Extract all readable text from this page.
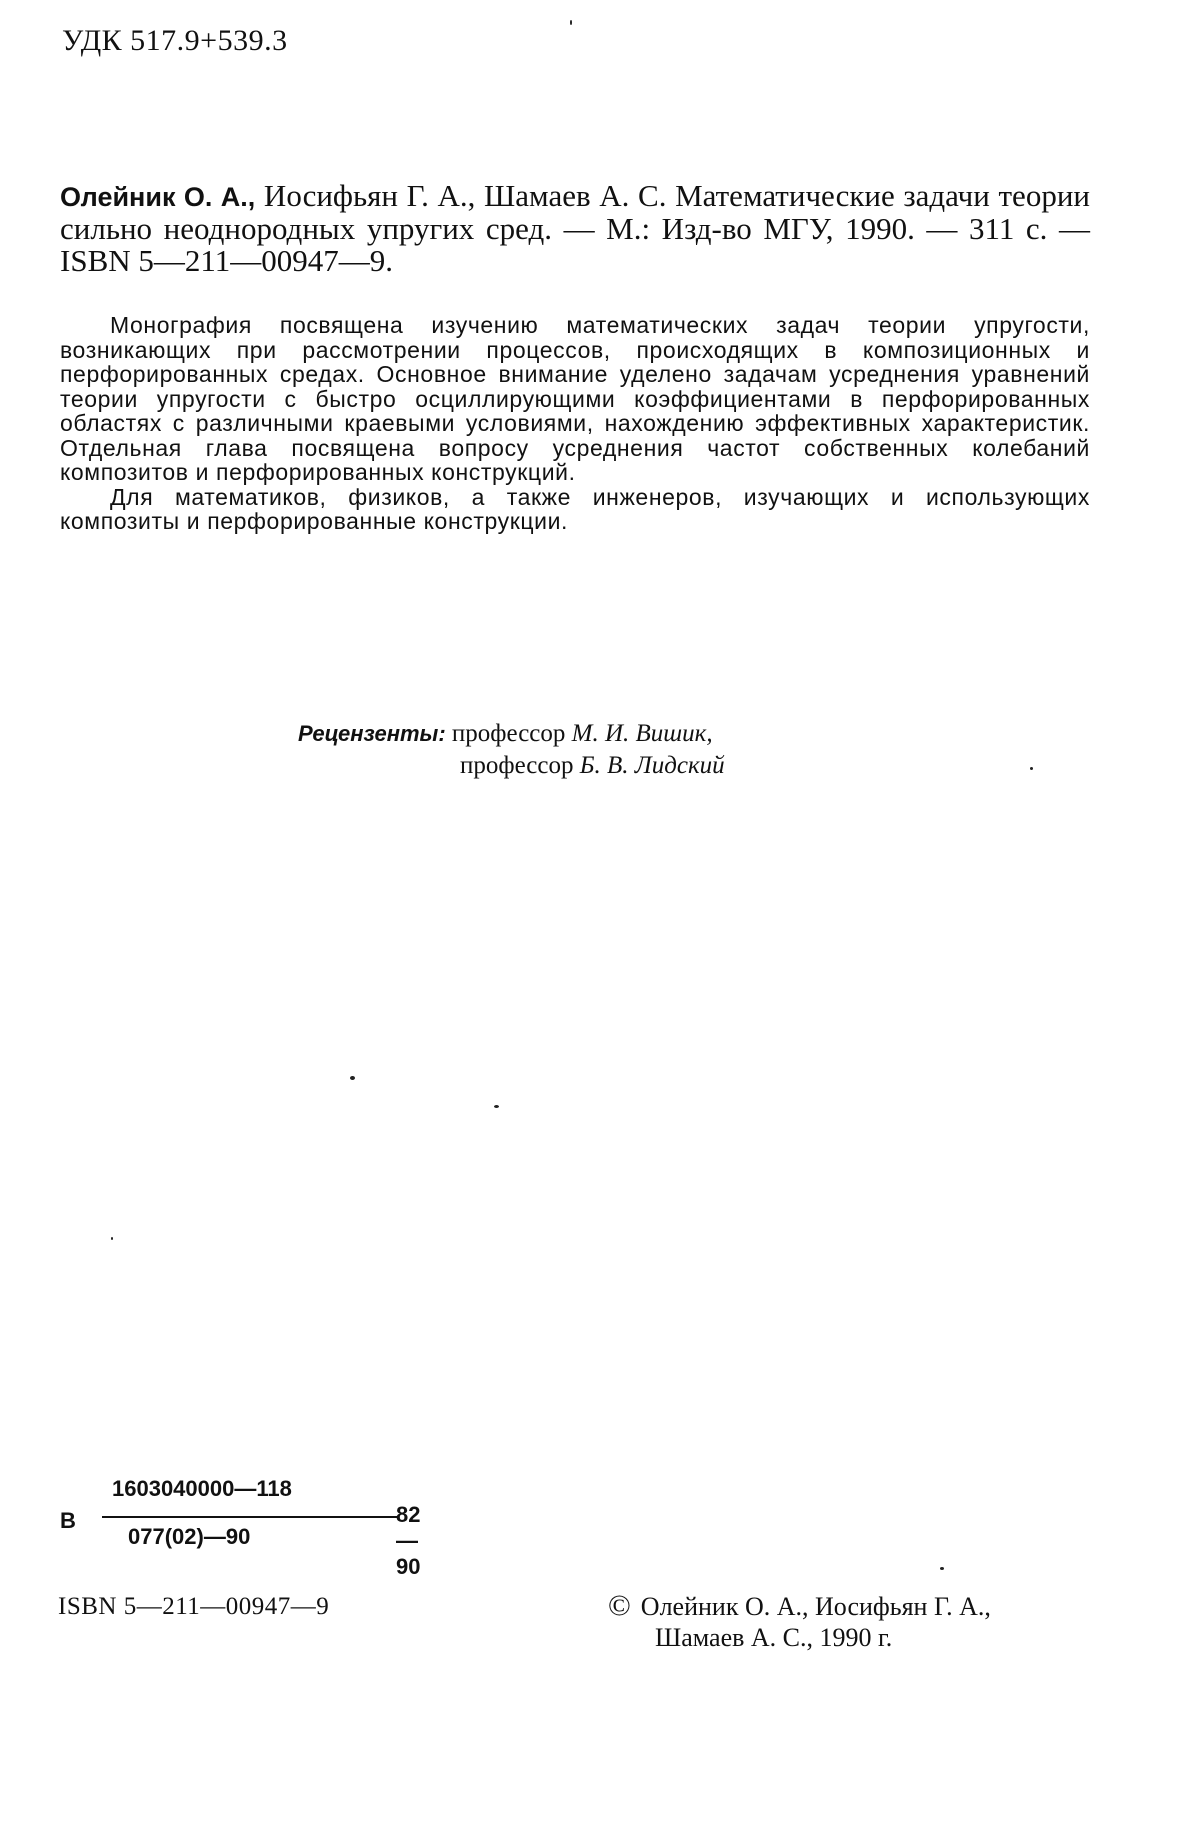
УДК 517.9+539.3
Олейник О. А., Иосифьян Г. А., Шамаев А. С. Математические задачи теории сильно неоднородных упругих сред. — М.: Изд-во МГУ, 1990. — 311 с. — ISBN 5—211—00947—9.

Монография посвящена изучению математических задач теории упругости, возникающих при рассмотрении процессов, происходящих в композиционных и перфорированных средах. Основное внимание уделено задачам усреднения уравнений теории упругости с быстро осциллирующими коэффициентами в перфорированных областях с различными краевыми условиями, нахождению эффективных характеристик. Отдельная глава посвящена вопросу усреднения частот собственных колебаний композитов и перфорированных конструкций.

Для математиков, физиков, а также инженеров, изучающих и использующих композиты и перфорированные конструкции.

Рецензенты: профессор М. И. Вишик,
профессор Б. В. Лидский
В
1603040000—118
077(02)—90
82—90
ISBN 5—211—00947—9	© Олейник О. А., Иосифьян Г. А.,
Шамаев А. С., 1990 г.
